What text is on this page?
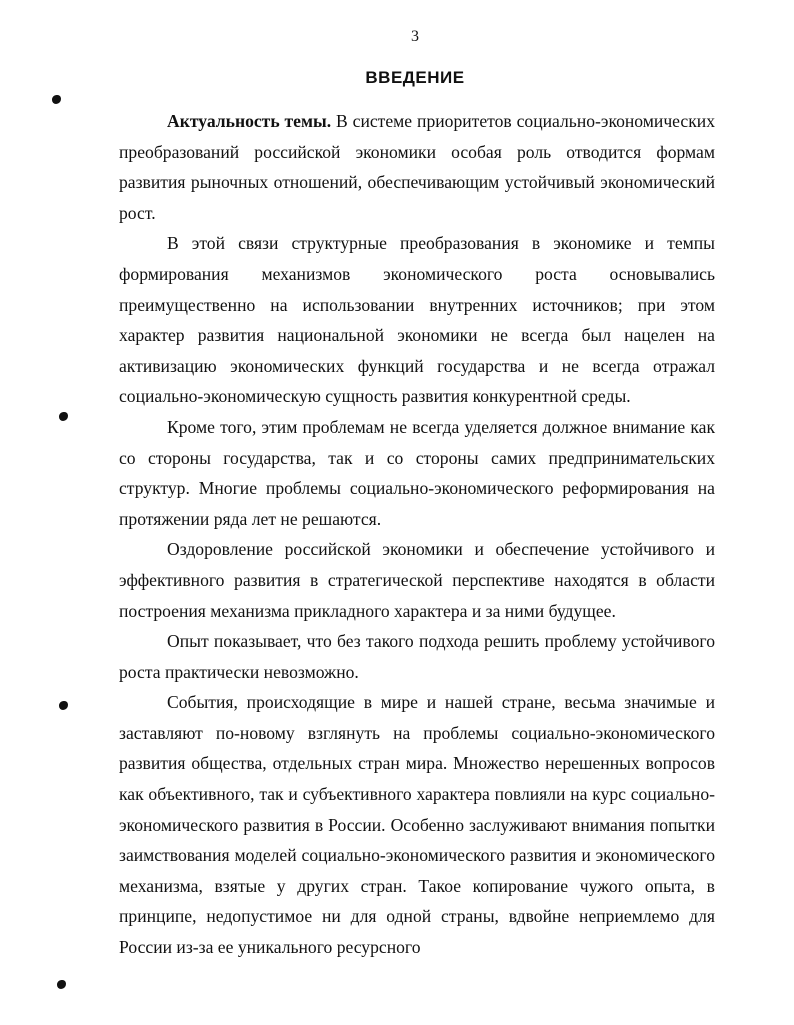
3
ВВЕДЕНИЕ

Актуальность темы. В системе приоритетов социально-экономических преобразований российской экономики особая роль отводится формам развития рыночных отношений, обеспечивающим устойчивый экономический рост.

В этой связи структурные преобразования в экономике и темпы формирования механизмов экономического роста основывались преимущественно на использовании внутренних источников; при этом характер развития национальной экономики не всегда был нацелен на активизацию экономических функций государства и не всегда отражал социально-экономическую сущность развития конкурентной среды.

Кроме того, этим проблемам не всегда уделяется должное внимание как со стороны государства, так и со стороны самих предпринимательских структур. Многие проблемы социально-экономического реформирования на протяжении ряда лет не решаются.

Оздоровление российской экономики и обеспечение устойчивого и эффективного развития в стратегической перспективе находятся в области построения механизма прикладного характера и за ними будущее.

Опыт показывает, что без такого подхода решить проблему устойчивого роста практически невозможно.

События, происходящие в мире и нашей стране, весьма значимые и заставляют по-новому взглянуть на проблемы социально-экономического развития общества, отдельных стран мира. Множество нерешенных вопросов как объективного, так и субъективного характера повлияли на курс социально-экономического развития в России. Особенно заслуживают внимания попытки заимствования моделей социально-экономического развития и экономического механизма, взятые у других стран. Такое копирование чужого опыта, в принципе, недопустимое ни для одной страны, вдвойне неприемлемо для России из-за ее уникального ресурсного
